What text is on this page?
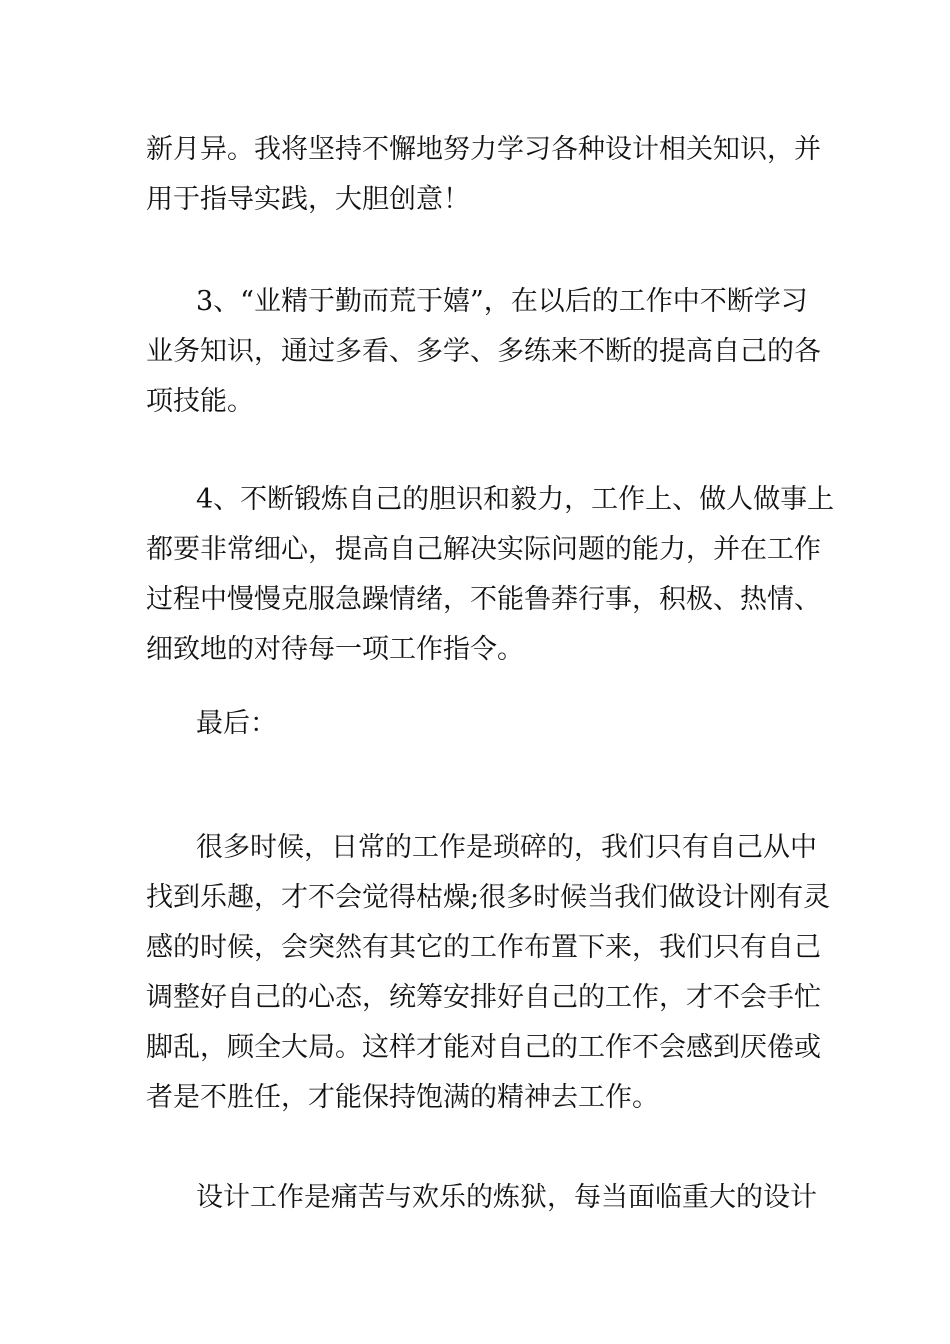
新月异。我将坚持不懈地努力学习各种设计相关知识，并
用于指导实践，大胆创意！
3、“业精于勤而荒于嬉”，在以后的工作中不断学习
业务知识，通过多看、多学、多练来不断的提高自己的各
项技能。
4、不断锻炼自己的胆识和毅力，工作上、做人做事上
都要非常细心，提高自己解决实际问题的能力，并在工作
过程中慢慢克服急躁情绪，不能鲁莽行事，积极、热情、
细致地的对待每一项工作指令。
最后：
很多时候，日常的工作是琐碎的，我们只有自己从中
找到乐趣，才不会觉得枯燥;很多时候当我们做设计刚有灵
感的时候，会突然有其它的工作布置下来，我们只有自己
调整好自己的心态，统筹安排好自己的工作，才不会手忙
脚乱，顾全大局。这样才能对自己的工作不会感到厌倦或
者是不胜任，才能保持饱满的精神去工作。
设计工作是痛苦与欢乐的炼狱，每当面临重大的设计
